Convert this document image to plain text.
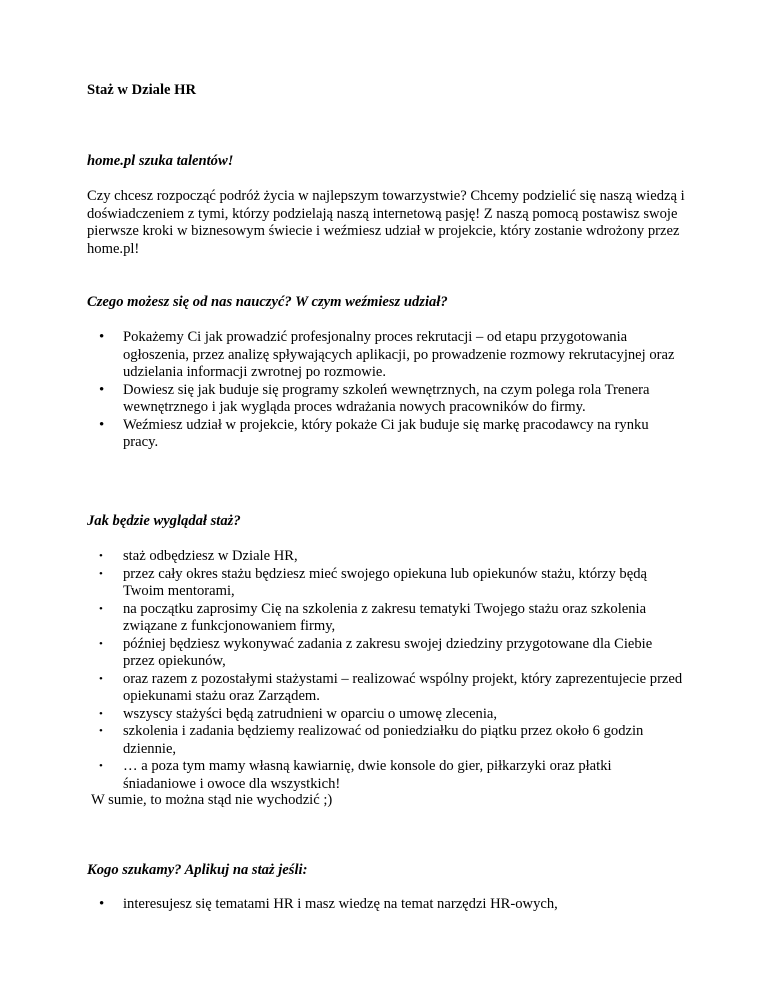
Staż w Dziale HR

home.pl szuka talentów!

Czy chcesz rozpocząć podróż życia w najlepszym towarzystwie? Chcemy podzielić się naszą wiedzą i doświadczeniem z tymi, którzy podzielają naszą internetową pasję! Z naszą pomocą postawisz swoje pierwsze kroki w biznesowym świecie i weźmiesz udział w projekcie, który zostanie wdrożony przez home.pl!

Czego możesz się od nas nauczyć? W czym weźmiesz udział?

•	Pokażemy Ci jak prowadzić profesjonalny proces rekrutacji – od etapu przygotowania ogłoszenia, przez analizę spływających aplikacji, po prowadzenie rozmowy rekrutacyjnej oraz udzielania informacji zwrotnej po rozmowie.
•	Dowiesz się jak buduje się programy szkoleń wewnętrznych, na czym polega rola Trenera wewnętrznego i jak wygląda proces wdrażania nowych pracowników do firmy.
•	Weźmiesz udział w projekcie, który pokaże Ci jak buduje się markę pracodawcy na rynku pracy.

Jak będzie wyglądał staż?

•	staż odbędziesz w Dziale HR,
•	przez cały okres stażu będziesz mieć swojego opiekuna lub opiekunów stażu, którzy będą Twoim mentorami,
•	na początku zaprosimy Cię na szkolenia z zakresu tematyki Twojego stażu oraz szkolenia związane z funkcjonowaniem firmy,
•	później będziesz wykonywać zadania z zakresu swojej dziedziny przygotowane dla Ciebie przez opiekunów,
•	oraz razem z pozostałymi stażystami – realizować wspólny projekt, który zaprezentujecie przed opiekunami stażu oraz Zarządem.
•	wszyscy stażyści będą zatrudnieni w oparciu o umowę zlecenia,
•	szkolenia i zadania będziemy realizować od poniedziałku do piątku przez około 6 godzin dziennie,
•	… a poza tym mamy własną kawiarnię, dwie konsole do gier, piłkarzyki oraz płatki śniadaniowe i owoce dla wszystkich!

W sumie, to można stąd nie wychodzić ;)

Kogo szukamy? Aplikuj na staż jeśli:

•	interesujesz się tematami HR i masz wiedzę na temat narzędzi HR-owych,
